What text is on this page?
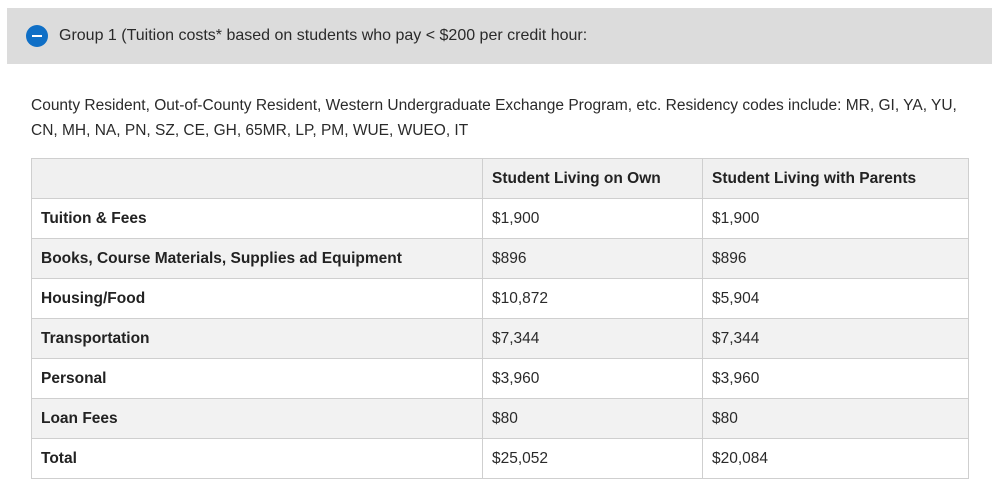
Group 1 (Tuition costs* based on students who pay < $200 per credit hour:

County Resident, Out-of-County Resident, Western Undergraduate Exchange Program, etc. Residency codes include: MR, GI, YA, YU, CN, MH, NA, PN, SZ, CE, GH, 65MR, LP, PM, WUE, WUEO, IT

	Student Living on Own	Student Living with Parents
Tuition & Fees	$1,900	$1,900
Books, Course Materials, Supplies ad Equipment	$896	$896
Housing/Food	$10,872	$5,904
Transportation	$7,344	$7,344
Personal	$3,960	$3,960
Loan Fees	$80	$80
Total	$25,052	$20,084
